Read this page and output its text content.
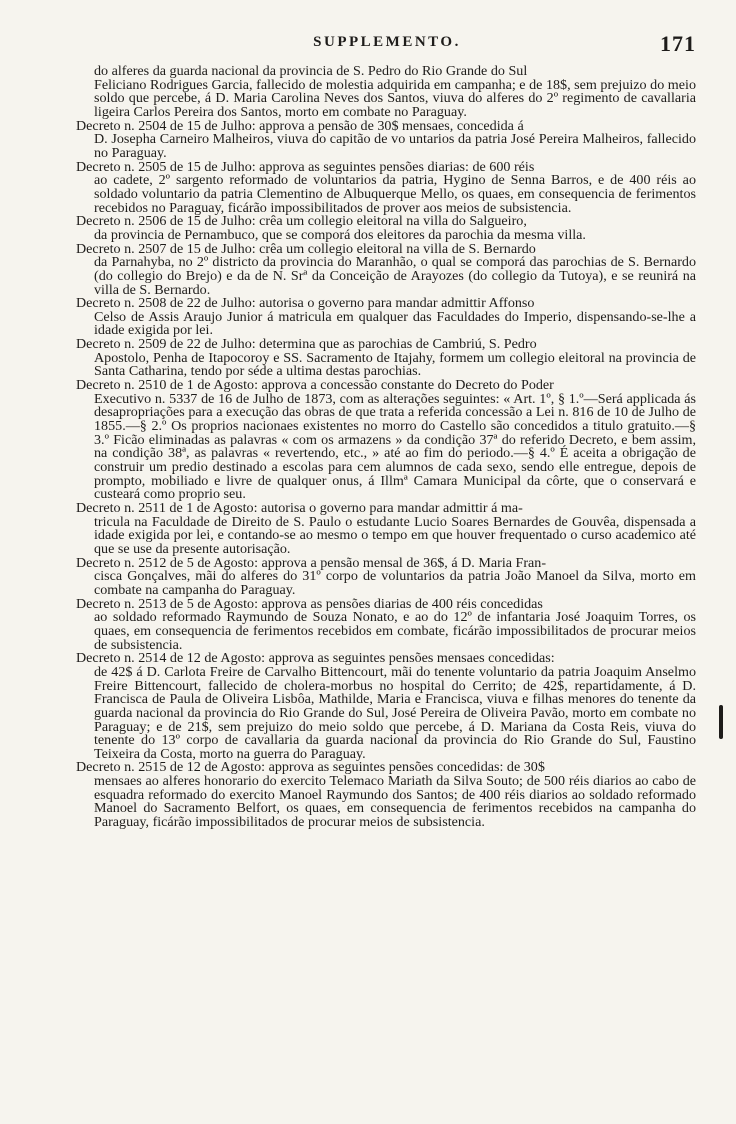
SUPPLEMENTO.	171
do alferes da guarda nacional da provincia de S. Pedro do Rio Grande do Sul
Feliciano Rodrigues Garcia, fallecido de molestia adquirida em campanha; e de 18$, sem prejuizo do meio soldo que percebe, á D. Maria Carolina Neves dos Santos, viuva do alferes do 2º regimento de cavallaria ligeira Carlos Pereira dos Santos, morto em combate no Paraguay.
Decreto n. 2504 de 15 de Julho: approva a pensão de 30$ mensaes, concedida á
D. Josepha Carneiro Malheiros, viuva do capitão de vo untarios da patria José Pereira Malheiros, fallecido no Paraguay.
Decreto n. 2505 de 15 de Julho: approva as seguintes pensões diarias: de 600 réis
ao cadete, 2º sargento reformado de voluntarios da patria, Hygino de Senna Barros, e de 400 réis ao soldado voluntario da patria Clementino de Albuquerque Mello, os quaes, em consequencia de ferimentos recebidos no Paraguay, ficárão impossibilitados de prover aos meios de subsistencia.
Decreto n. 2506 de 15 de Julho: crêa um collegio eleitoral na villa do Salgueiro,
da provincia de Pernambuco, que se comporá dos eleitores da parochia da mesma villa.
Decreto n. 2507 de 15 de Julho: crêa um collegio eleitoral na villa de S. Bernardo
da Parnahyba, no 2º districto da provincia do Maranhão, o qual se comporá das parochias de S. Bernardo (do collegio do Brejo) e da de N. Srª da Conceição de Arayozes (do collegio da Tutoya), e se reunirá na villa de S. Bernardo.
Decreto n. 2508 de 22 de Julho: autorisa o governo para mandar admittir Affonso
Celso de Assis Araujo Junior á matricula em qualquer das Faculdades do Imperio, dispensando-se-lhe a idade exigida por lei.
Decreto n. 2509 de 22 de Julho: determina que as parochias de Cambriú, S. Pedro
Apostolo, Penha de Itapocoroy e SS. Sacramento de Itajahy, formem um collegio eleitoral na provincia de Santa Catharina, tendo por séde a ultima destas parochias.
Decreto n. 2510 de 1 de Agosto: approva a concessão constante do Decreto do Poder
Executivo n. 5337 de 16 de Julho de 1873, com as alterações seguintes: « Art. 1º, § 1.º—Será applicada ás desapropriações para a execução das obras de que trata a referida concessão a Lei n. 816 de 10 de Julho de 1855.—§ 2.º Os proprios nacionaes existentes no morro do Castello são concedidos a titulo gratuito.—§ 3.º Ficão eliminadas as palavras « com os armazens » da condição 37ª do referido Decreto, e bem assim, na condição 38ª, as palavras « revertendo, etc., » até ao fim do periodo.—§ 4.º É aceita a obrigação de construir um predio destinado a escolas para cem alumnos de cada sexo, sendo elle entregue, depois de prompto, mobiliado e livre de qualquer onus, á Illmª Camara Municipal da côrte, que o conservará e custeará como proprio seu.
Decreto n. 2511 de 1 de Agosto: autorisa o governo para mandar admittir á ma-
tricula na Faculdade de Direito de S. Paulo o estudante Lucio Soares Bernardes de Gouvêa, dispensada a idade exigida por lei, e contando-se ao mesmo o tempo em que houver frequentado o curso academico até que se use da presente autorisação.
Decreto n. 2512 de 5 de Agosto: approva a pensão mensal de 36$, á D. Maria Fran-
cisca Gonçalves, mãi do alferes do 31º corpo de voluntarios da patria João Manoel da Silva, morto em combate na campanha do Paraguay.
Decreto n. 2513 de 5 de Agosto: approva as pensões diarias de 400 réis concedidas
ao soldado reformado Raymundo de Souza Nonato, e ao do 12º de infantaria José Joaquim Torres, os quaes, em consequencia de ferimentos recebidos em combate, ficárão impossibilitados de procurar meios de subsistencia.
Decreto n. 2514 de 12 de Agosto: approva as seguintes pensões mensaes concedidas:
de 42$ á D. Carlota Freire de Carvalho Bittencourt, mãi do tenente voluntario da patria Joaquim Anselmo Freire Bittencourt, fallecido de cholera-morbus no hospital do Cerrito; de 42$, repartidamente, á D. Francisca de Paula de Oliveira Lisbôa, Mathilde, Maria e Francisca, viuva e filhas menores do tenente da guarda nacional da provincia do Rio Grande do Sul, José Pereira de Oliveira Pavão, morto em combate no Paraguay; e de 21$, sem prejuizo do meio soldo que percebe, á D. Mariana da Costa Reis, viuva do tenente do 13º corpo de cavallaria da guarda nacional da provincia do Rio Grande do Sul, Faustino Teixeira da Costa, morto na guerra do Paraguay.
Decreto n. 2515 de 12 de Agosto: approva as seguintes pensões concedidas: de 30$
mensaes ao alferes honorario do exercito Telemaco Mariath da Silva Souto; de 500 réis diarios ao cabo de esquadra reformado do exercito Manoel Raymundo dos Santos; de 400 réis diarios ao soldado reformado Manoel do Sacramento Belfort, os quaes, em consequencia de ferimentos recebidos na campanha do Paraguay, ficárão impossibilitados de procurar meios de subsistencia.
